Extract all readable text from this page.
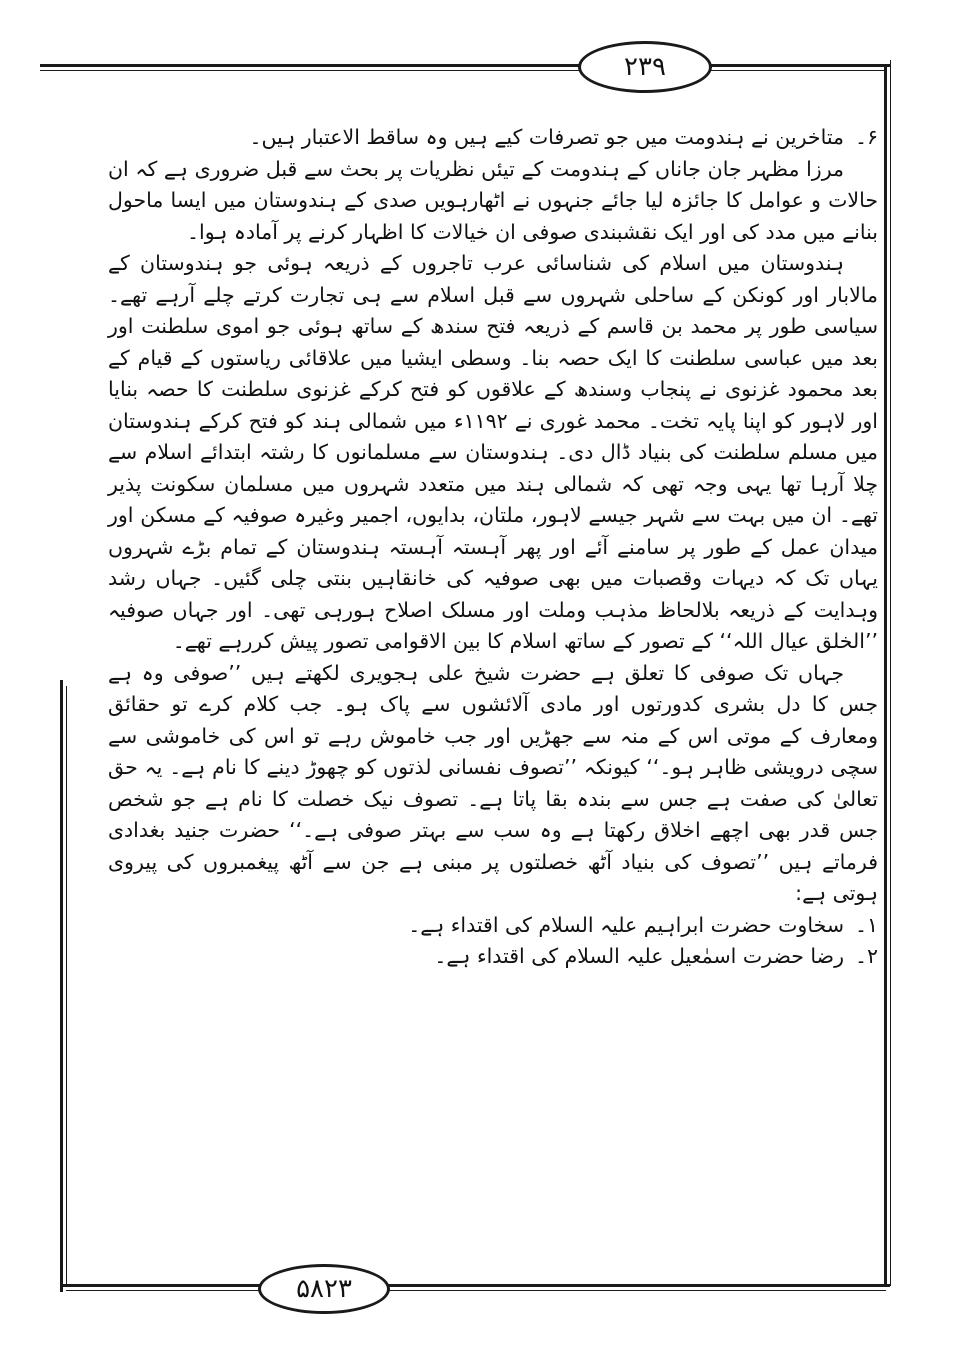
۲۳۹
۵۸۲۳

۶۔
متاخرین نے ہندومت میں جو تصرفات کیے ہیں وہ ساقط الاعتبار ہیں۔

مرزا مظہر جان جاناں کے ہندومت کے تیئں نظریات پر بحث سے قبل ضروری ہے کہ ان حالات و عوامل کا جائزہ لیا جائے جنہوں نے اٹھارہویں صدی کے ہندوستان میں ایسا ماحول بنانے میں مدد کی اور ایک نقشبندی صوفی ان خیالات کا اظہار کرنے پر آمادہ ہوا۔

ہندوستان میں اسلام کی شناسائی عرب تاجروں کے ذریعہ ہوئی جو ہندوستان کے مالابار اور کونکن کے ساحلی شہروں سے قبل اسلام سے ہی تجارت کرتے چلے آرہے تھے۔ سیاسی طور پر محمد بن قاسم کے ذریعہ فتح سندھ کے ساتھ ہوئی جو اموی سلطنت اور بعد میں عباسی سلطنت کا ایک حصہ بنا۔ وسطی ایشیا میں علاقائی ریاستوں کے قیام کے بعد محمود غزنوی نے پنجاب وسندھ کے علاقوں کو فتح کرکے غزنوی سلطنت کا حصہ بنایا اور لاہور کو اپنا پایہ تخت۔ محمد غوری نے ۱۱۹۲ء میں شمالی ہند کو فتح کرکے ہندوستان میں مسلم سلطنت کی بنیاد ڈال دی۔ ہندوستان سے مسلمانوں کا رشتہ ابتدائے اسلام سے چلا آرہا تھا یہی وجہ تھی کہ شمالی ہند میں متعدد شہروں میں مسلمان سکونت پذیر تھے۔ ان میں بہت سے شہر جیسے لاہور، ملتان، بدایوں، اجمیر وغیرہ صوفیہ کے مسکن اور میدان عمل کے طور پر سامنے آئے اور پھر آہستہ آہستہ ہندوستان کے تمام بڑے شہروں یہاں تک کہ دیہات وقصبات میں بھی صوفیہ کی خانقاہیں بنتی چلی گئیں۔ جہاں رشد وہدایت کے ذریعہ بلالحاظ مذہب وملت اور مسلک اصلاح ہورہی تھی۔ اور جہاں صوفیہ ’’الخلق عیال اللہ‘‘ کے تصور کے ساتھ اسلام کا بین الاقوامی تصور پیش کررہے تھے۔

جہاں تک صوفی کا تعلق ہے حضرت شیخ علی ہجویری لکھتے ہیں ’’صوفی وہ ہے جس کا دل بشری کدورتوں اور مادی آلائشوں سے پاک ہو۔ جب کلام کرے تو حقائق ومعارف کے موتی اس کے منہ سے جھڑیں اور جب خاموش رہے تو اس کی خاموشی سے سچی درویشی ظاہر ہو۔‘‘ کیونکہ ’’تصوف نفسانی لذتوں کو چھوڑ دینے کا نام ہے۔ یہ حق تعالیٰ کی صفت ہے جس سے بندہ بقا پاتا ہے۔ تصوف نیک خصلت کا نام ہے جو شخص جس قدر بھی اچھے اخلاق رکھتا ہے وہ سب سے بہتر صوفی ہے۔‘‘ حضرت جنید بغدادی فرماتے ہیں ’’تصوف کی بنیاد آٹھ خصلتوں پر مبنی ہے جن سے آٹھ پیغمبروں کی پیروی ہوتی ہے:

۱۔
سخاوت حضرت ابراہیم علیہ السلام کی اقتداء ہے۔

۲۔
رضا حضرت اسمٰعیل علیہ السلام کی اقتداء ہے۔
